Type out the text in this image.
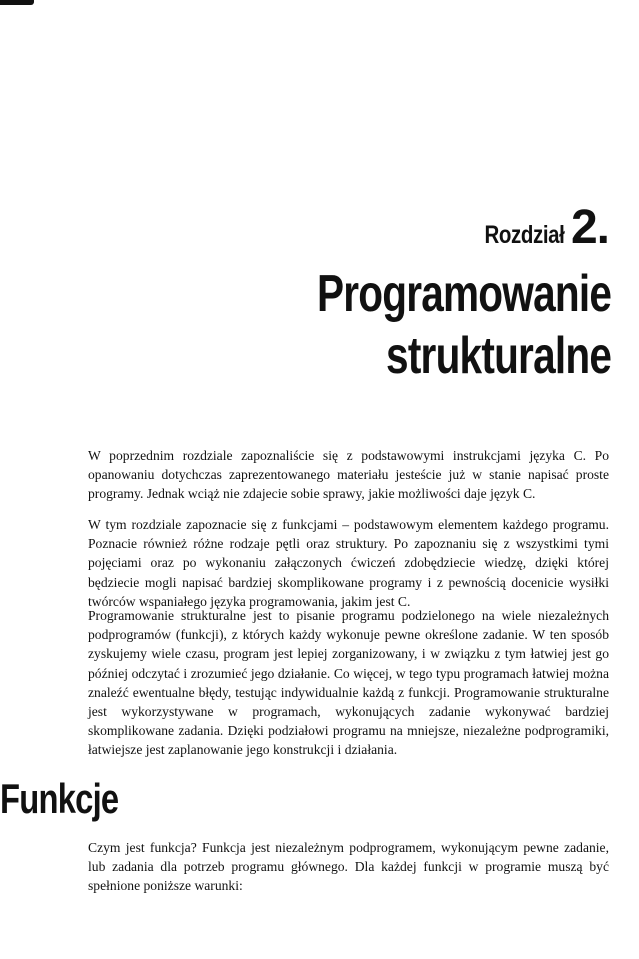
Rozdział 2.
Programowanie
strukturalne

W poprzednim rozdziale zapoznaliście się z podstawowymi instrukcjami języka C. Po opanowaniu dotychczas zaprezentowanego materiału jesteście już w stanie napisać proste programy. Jednak wciąż nie zdajecie sobie sprawy, jakie możliwości daje język C.

W tym rozdziale zapoznacie się z funkcjami – podstawowym elementem każdego programu. Poznacie również różne rodzaje pętli oraz struktury. Po zapoznaniu się z wszystkimi tymi pojęciami oraz po wykonaniu załączonych ćwiczeń zdobędziecie wiedzę, dzięki której będziecie mogli napisać bardziej skomplikowane programy i z pewnością docenicie wysiłki twórców wspaniałego języka programowania, jakim jest C.

Programowanie strukturalne jest to pisanie programu podzielonego na wiele niezależnych podprogramów (funkcji), z których każdy wykonuje pewne określone zadanie. W ten sposób zyskujemy wiele czasu, program jest lepiej zorganizowany, i w związku z tym łatwiej jest go później odczytać i zrozumieć jego działanie. Co więcej, w tego typu programach łatwiej można znaleźć ewentualne błędy, testując indywidualnie każdą z funkcji. Programowanie strukturalne jest wykorzystywane w programach, wykonujących zadanie wykonywać bardziej skomplikowane zadania. Dzięki podziałowi programu na mniejsze, niezależne podprogramiki, łatwiejsze jest zaplanowanie jego konstrukcji i działania.

Funkcje

Czym jest funkcja? Funkcja jest niezależnym podprogramem, wykonującym pewne zadanie, lub zadania dla potrzeb programu głównego. Dla każdej funkcji w programie muszą być spełnione poniższe warunki:
